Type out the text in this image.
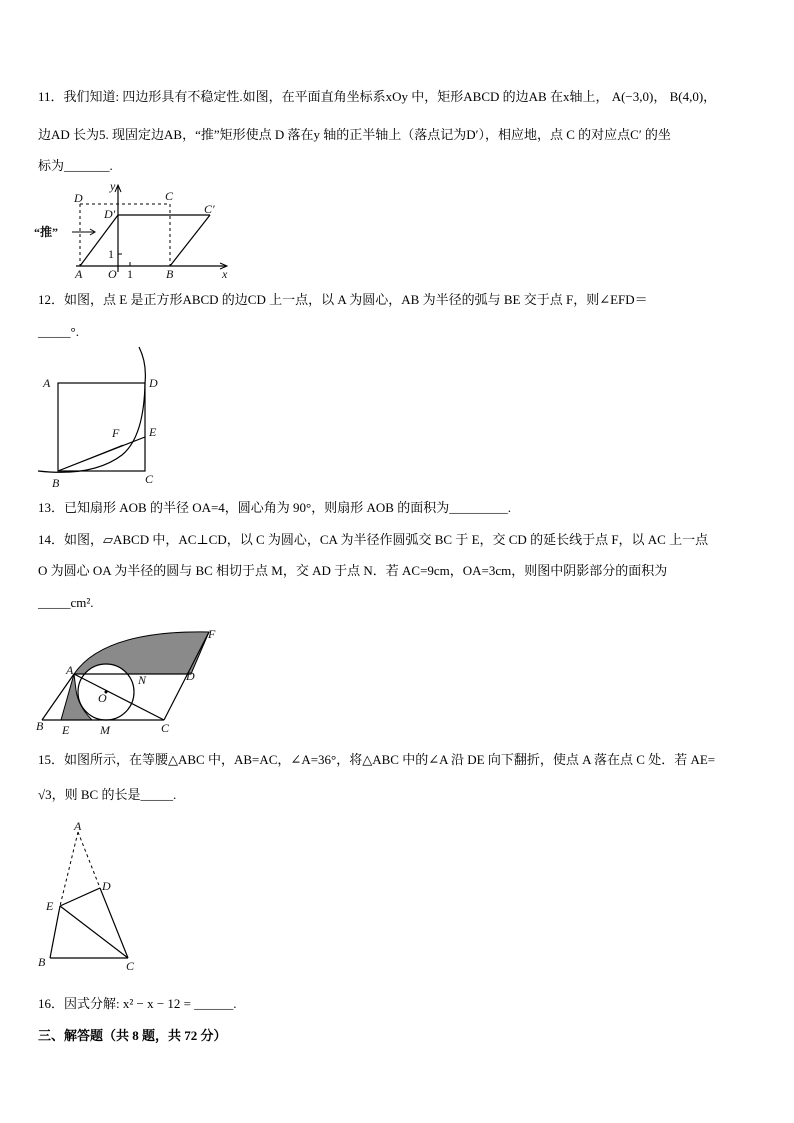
11．我们知道: 四边形具有不稳定性.如图，在平面直角坐标系xOy 中，矩形ABCD 的边AB 在x轴上， A(−3,0)， B(4,0)，
边AD 长为5. 现固定边AB，“推”矩形使点 D 落在y 轴的正半轴上（落点记为D′），相应地，点 C 的对应点C′ 的坐
标为_______.
D	C
D′	C′
y
x
“推”
1
A O 1	B
12．如图，点 E 是正方形ABCD 的边CD 上一点，以 A 为圆心，AB 为半径的弧与 BE 交于点 F，则∠EFD＝
_____°.
A	D
F E
B	C
13．已知扇形 AOB 的半径 OA=4，圆心角为 90°，则扇形 AOB 的面积为_________.
14．如图，▱ABCD 中，AC⊥CD，以 C 为圆心，CA 为半径作圆弧交 BC 于 E，交 CD 的延长线于点 F，以 AC 上一点
O 为圆心 OA 为半径的圆与 BC 相切于点 M，交 AD 于点 N．若 AC=9cm，OA=3cm，则图中阴影部分的面积为
_____cm².
F
A
N	D
O
B E	M	C
15．如图所示，在等腰△ABC 中，AB=AC，∠A=36°，将△ABC 中的∠A 沿 DE 向下翻折，使点 A 落在点 C 处．若 AE=
√3，则 BC 的长是_____.
A
D
E
B	C
16．因式分解: x² − x − 12 = ______.
三、解答题（共 8 题，共 72 分）
